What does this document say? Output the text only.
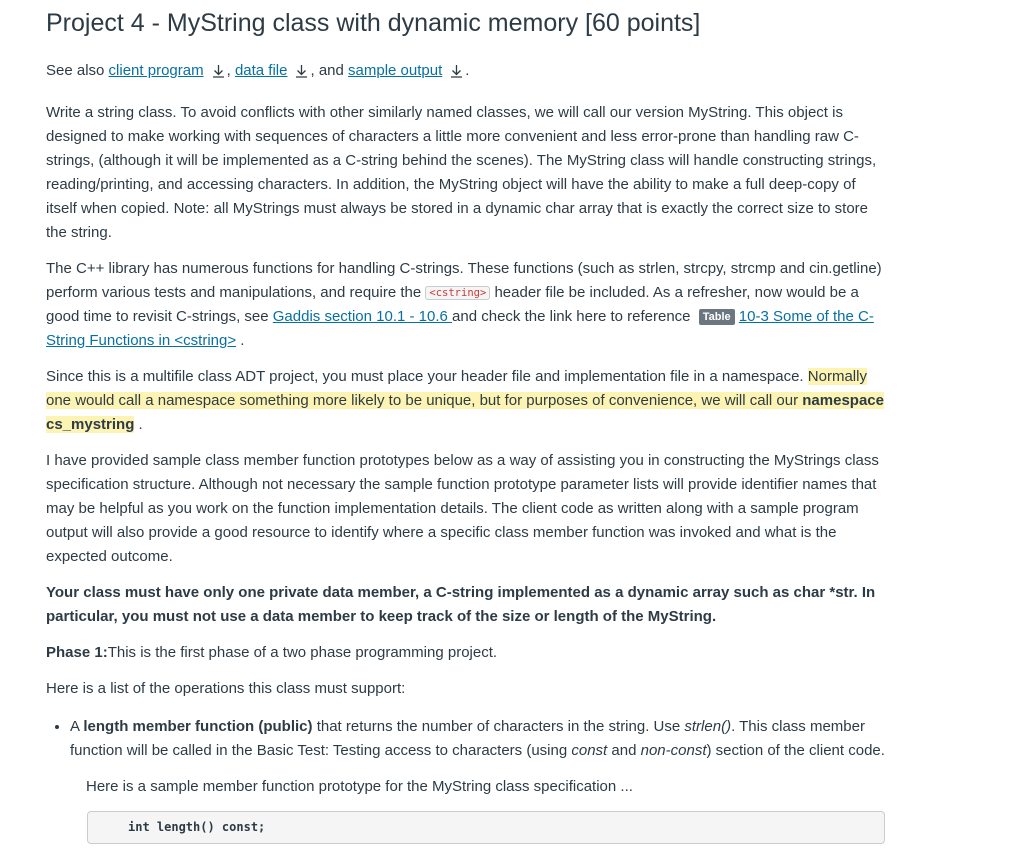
Project 4 - MyString class with dynamic memory [60 points]

See also client program , data file , and sample output .

Write a string class. To avoid conflicts with other similarly named classes, we will call our version MyString. This object is designed to make working with sequences of characters a little more convenient and less error-prone than handling raw C-strings, (although it will be implemented as a C-string behind the scenes). The MyString class will handle constructing strings, reading/printing, and accessing characters. In addition, the MyString object will have the ability to make a full deep-copy of itself when copied. Note: all MyStrings must always be stored in a dynamic char array that is exactly the correct size to store the string.

The C++ library has numerous functions for handling C-strings. These functions (such as strlen, strcpy, strcmp and cin.getline) perform various tests and manipulations, and require the <cstring> header file be included. As a refresher, now would be a good time to revisit C-strings, see Gaddis section 10.1 - 10.6 and check the link here to reference Table 10-3 Some of the C-String Functions in <cstring> .

Since this is a multifile class ADT project, you must place your header file and implementation file in a namespace. Normally one would call a namespace something more likely to be unique, but for purposes of convenience, we will call our namespace cs_mystring .

I have provided sample class member function prototypes below as a way of assisting you in constructing the MyStrings class specification structure. Although not necessary the sample function prototype parameter lists will provide identifier names that may be helpful as you work on the function implementation details. The client code as written along with a sample program output will also provide a good resource to identify where a specific class member function was invoked and what is the expected outcome.

Your class must have only one private data member, a C-string implemented as a dynamic array such as char *str. In particular, you must not use a data member to keep track of the size or length of the MyString.

Phase 1:This is the first phase of a two phase programming project.

Here is a list of the operations this class must support:

• A length member function (public) that returns the number of characters in the string. Use strlen(). This class member function will be called in the Basic Test: Testing access to characters (using const and non-const) section of the client code.

Here is a sample member function prototype for the MyString class specification ...

int length() const;
